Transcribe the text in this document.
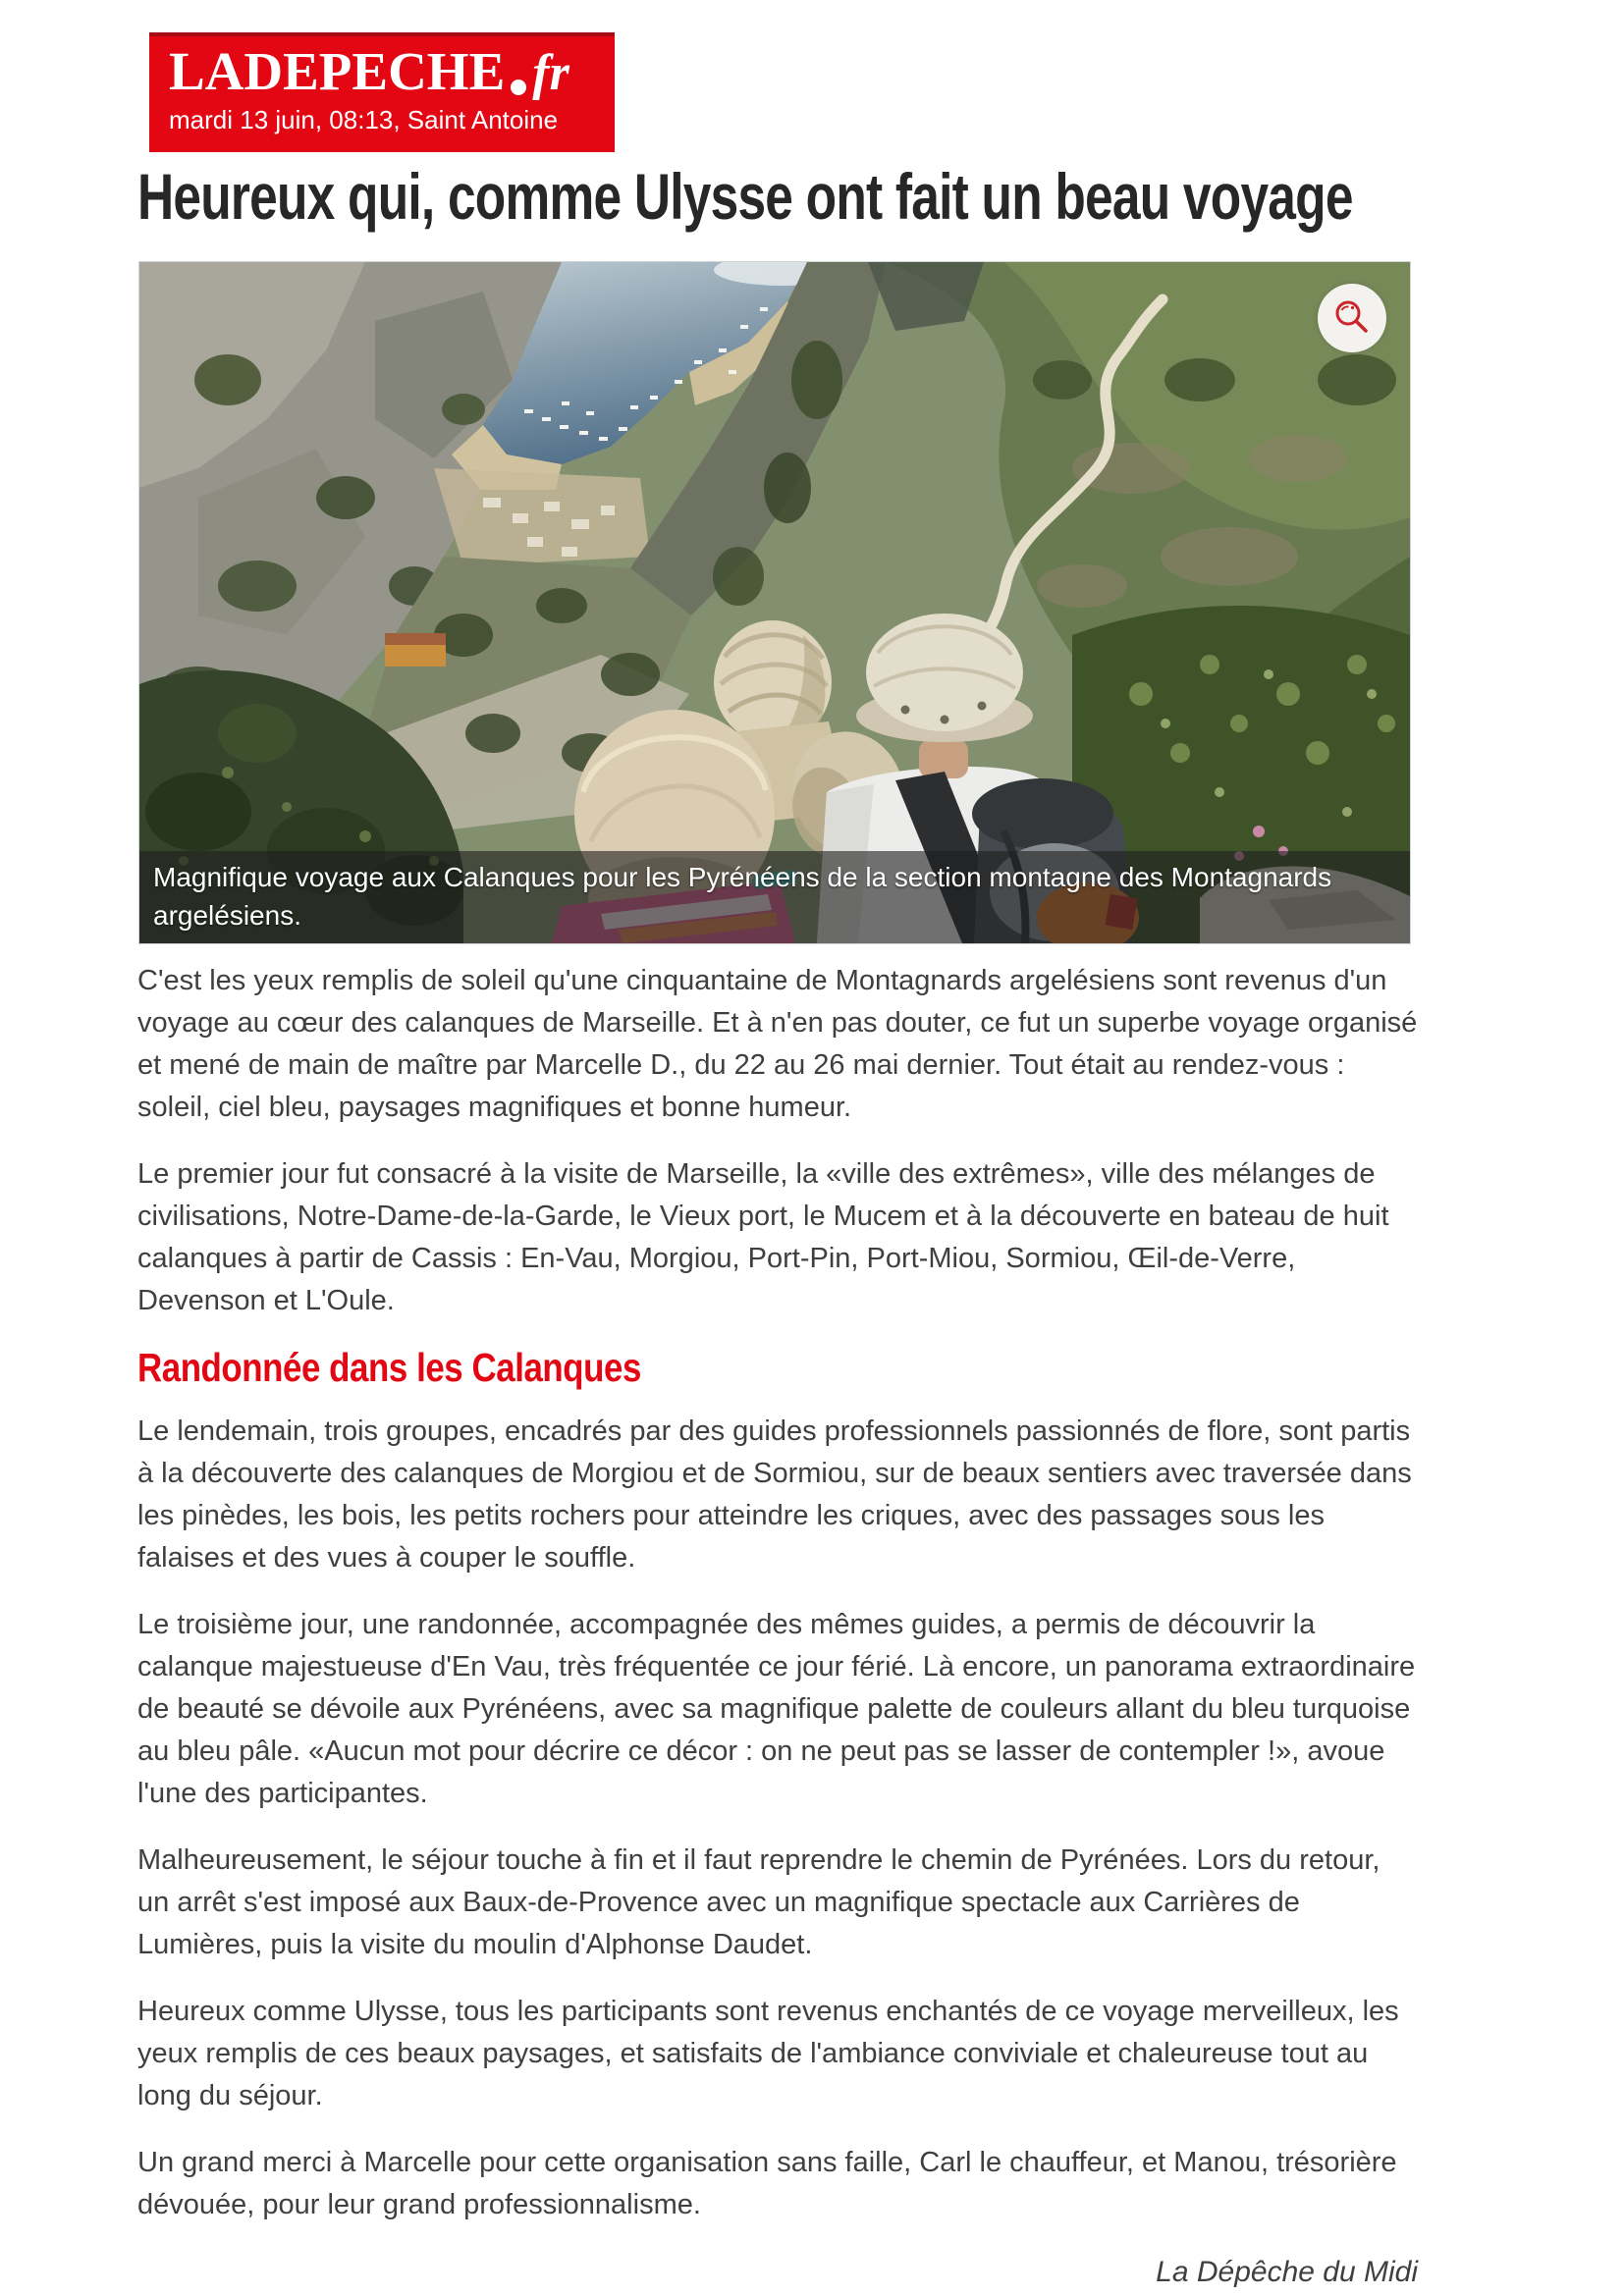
LADEPECHE fr
mardi 13 juin, 08:13, Saint Antoine
Heureux qui, comme Ulysse ont fait un beau voyage
Magnifique voyage aux Calanques pour les Pyrénéens de la section montagne des Montagnards argelésiens.

C'est les yeux remplis de soleil qu'une cinquantaine de Montagnards argelésiens sont revenus d'un voyage au cœur des calanques de Marseille. Et à n'en pas douter, ce fut un superbe voyage organisé et mené de main de maître par Marcelle D., du 22 au 26 mai dernier. Tout était au rendez-vous : soleil, ciel bleu, paysages magnifiques et bonne humeur.

Le premier jour fut consacré à la visite de Marseille, la «ville des extrêmes», ville des mélanges de civilisations, Notre-Dame-de-la-Garde, le Vieux port, le Mucem et à la découverte en bateau de huit calanques à partir de Cassis : En-Vau, Morgiou, Port-Pin, Port-Miou, Sormiou, Œil-de-Verre, Devenson et L'Oule.

Randonnée dans les Calanques

Le lendemain, trois groupes, encadrés par des guides professionnels passionnés de flore, sont partis à la découverte des calanques de Morgiou et de Sormiou, sur de beaux sentiers avec traversée dans les pinèdes, les bois, les petits rochers pour atteindre les criques, avec des passages sous les falaises et des vues à couper le souffle.

Le troisième jour, une randonnée, accompagnée des mêmes guides, a permis de découvrir la calanque majestueuse d'En Vau, très fréquentée ce jour férié. Là encore, un panorama extraordinaire de beauté se dévoile aux Pyrénéens, avec sa magnifique palette de couleurs allant du bleu turquoise au bleu pâle. «Aucun mot pour décrire ce décor : on ne peut pas se lasser de contempler !», avoue l'une des participantes.

Malheureusement, le séjour touche à fin et il faut reprendre le chemin de Pyrénées. Lors du retour, un arrêt s'est imposé aux Baux-de-Provence avec un magnifique spectacle aux Carrières de Lumières, puis la visite du moulin d'Alphonse Daudet.

Heureux comme Ulysse, tous les participants sont revenus enchantés de ce voyage merveilleux, les yeux remplis de ces beaux paysages, et satisfaits de l'ambiance conviviale et chaleureuse tout au long du séjour.

Un grand merci à Marcelle pour cette organisation sans faille, Carl le chauffeur, et Manou, trésorière dévouée, pour leur grand professionnalisme.

La Dépêche du Midi
